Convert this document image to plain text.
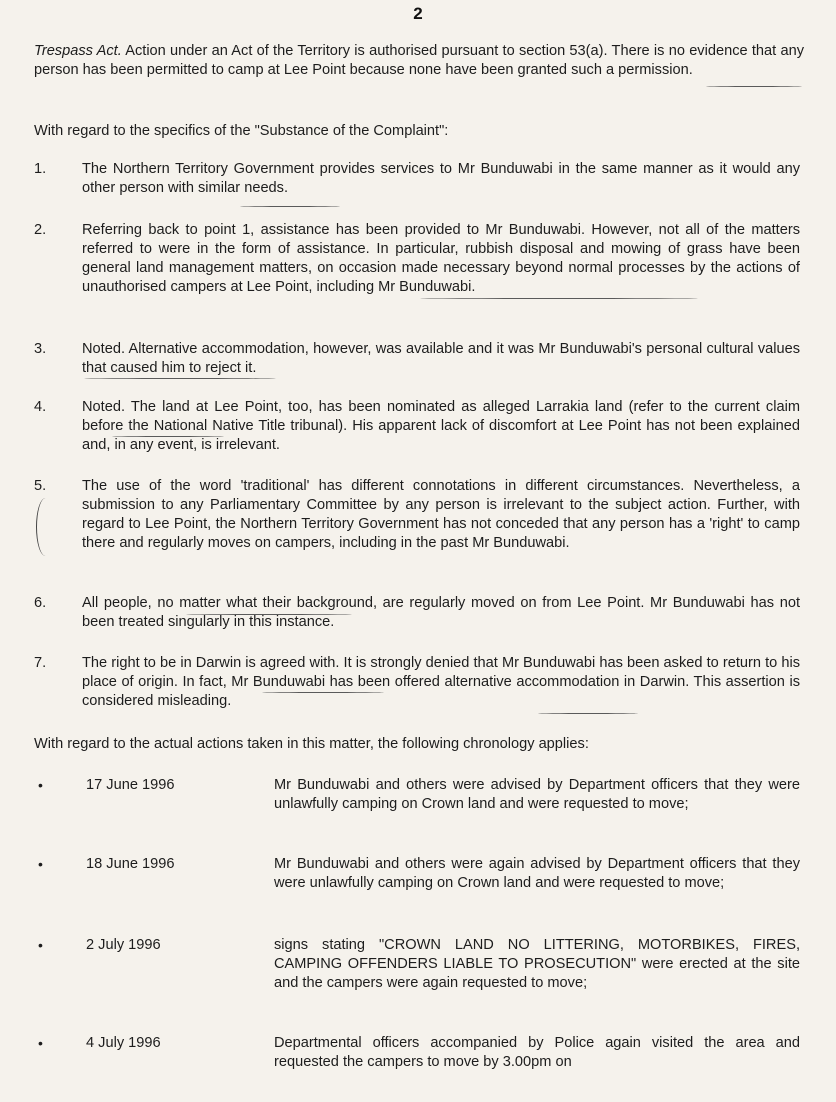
2
Trespass Act. Action under an Act of the Territory is authorised pursuant to section 53(a). There is no evidence that any person has been permitted to camp at Lee Point because none have been granted such a permission.
With regard to the specifics of the "Substance of the Complaint":
1.	The Northern Territory Government provides services to Mr Bunduwabi in the same manner as it would any other person with similar needs.
2.	Referring back to point 1, assistance has been provided to Mr Bunduwabi. However, not all of the matters referred to were in the form of assistance. In particular, rubbish disposal and mowing of grass have been general land management matters, on occasion made necessary beyond normal processes by the actions of unauthorised campers at Lee Point, including Mr Bunduwabi.
3.	Noted. Alternative accommodation, however, was available and it was Mr Bunduwabi's personal cultural values that caused him to reject it.
4.	Noted. The land at Lee Point, too, has been nominated as alleged Larrakia land (refer to the current claim before the National Native Title tribunal). His apparent lack of discomfort at Lee Point has not been explained and, in any event, is irrelevant.
5.	The use of the word 'traditional' has different connotations in different circumstances. Nevertheless, a submission to any Parliamentary Committee by any person is irrelevant to the subject action. Further, with regard to Lee Point, the Northern Territory Government has not conceded that any person has a 'right' to camp there and regularly moves on campers, including in the past Mr Bunduwabi.
6.	All people, no matter what their background, are regularly moved on from Lee Point. Mr Bunduwabi has not been treated singularly in this instance.
7.	The right to be in Darwin is agreed with. It is strongly denied that Mr Bunduwabi has been asked to return to his place of origin. In fact, Mr Bunduwabi has been offered alternative accommodation in Darwin. This assertion is considered misleading.
With regard to the actual actions taken in this matter, the following chronology applies:
•	17 June 1996	Mr Bunduwabi and others were advised by Department officers that they were unlawfully camping on Crown land and were requested to move;
•	18 June 1996	Mr Bunduwabi and others were again advised by Department officers that they were unlawfully camping on Crown land and were requested to move;
•	2 July 1996	signs stating "CROWN LAND NO LITTERING, MOTORBIKES, FIRES, CAMPING OFFENDERS LIABLE TO PROSECUTION" were erected at the site and the campers were again requested to move;
•	4 July 1996	Departmental officers accompanied by Police again visited the area and requested the campers to move by 3.00pm on
